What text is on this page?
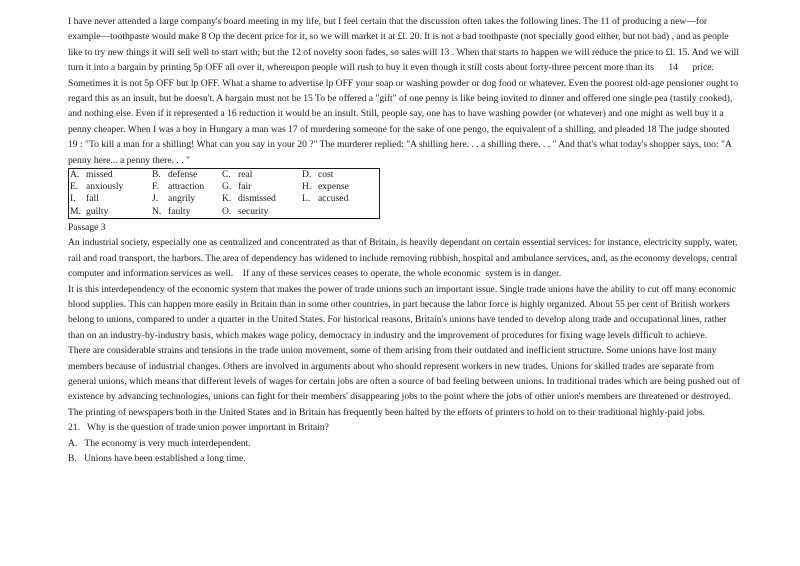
I have never attended a large company's board meeting in my life, but I feel certain that the discussion often takes the following lines. The 11 of producing a new—for example—toothpaste would make 8 Op the decent price for it, so we will market it at £l. 20. It is not a bad toothpaste (not specially good either, but not bad) , and as people like to try new things it will sell well to start with; but the 12 of novelty soon fades, so sales will 13 . When that starts to happen we will reduce the price to £l. 15. And we will turn it into a bargain by printing 5p OFF all over it, whereupon people will rush to buy it even though it still costs about forty-three percent more than its      14      price.

Sometimes it is not 5p OFF but lp OFF. What a shame to advertise lp OFF your soap or washing powder or dog food or whatever. Even the poorest old-age pensioner ought to regard this as an insult, but he doesn't. A bargain must not be 15 To be offered a "gift" of one penny is like being invited to dinner and offered one single pea (tastily cooked), and nothing else. Even if it represented a 16 reduction it would be an insult. Still, people say, one has to have washing powder (or whatever) and one might as well buy it a penny cheaper. When I was a boy in Hungary a man was 17 of murdering someone for the sake of one pengo, the equivalent of a shilling, and pleaded 18 The judge shouted 19 : "To kill a man for a shilling! What can you say in your 20 ?" The murderer replied: "A shilling here. . . a shilling there. . . " And that's what today's shopper says, too: "A penny here... a penny there. . . "

A.	missed	B.	defense	C.	real	D.	cost
E.	anxiously	F.	attraction	G.	fair	H.	expense
I.	fall	J.	angrily	K.	dismissed	L.	accused
M.	guilty	N.	faulty	O.	security		

Passage 3

An industrial society, especially one as centralized and concentrated as that of Britain, is heavily dependant on certain essential services: for instance, electricity supply, water, rail and road transport, the harbors. The area of dependency has widened to include removing rubbish, hospital and ambulance services, and, as the economy develops, central computer and information services as well.    If any of these services ceases to operate, the whole economic  system is in danger.

It is this interdependency of the economic system that makes the power of trade unions such an important issue. Single trade unions have the ability to cut off many economic blood supplies. This can happen more easily in Britain than in some other countries, in part because the labor force is highly organized. About 55 per cent of British workers belong to unions, compared to under a quarter in the United States. For historical reasons, Britain's unions have tended to develop along trade and occupational lines, rather than on an industry-by-industry basis, which makes wage policy, democracy in industry and the improvement of procedures for fixing wage levels difficult to achieve.

There are considerable strains and tensions in the trade union movement, some of them arising from their outdated and inefficient structure. Some unions have lost many members because of industrial changes. Others are involved in arguments about who should represent workers in new trades. Unions for skilled trades are separate from general unions, which means that different levels of wages for certain jobs are often a source of bad feeling between unions. In traditional trades which are being pushed out of existence by advancing technologies, unions can fight for their members' disappearing jobs to the point where the jobs of other union's members are threatened or destroyed. The printing of newspapers both in the United States and in Britain has frequently been halted by the efforts of printers to hold on to their traditional highly-paid jobs.

21.   Why is the question of trade union power important in Britain?

A.   The economy is very much interdependent.

B.   Unions have been established a long time.
